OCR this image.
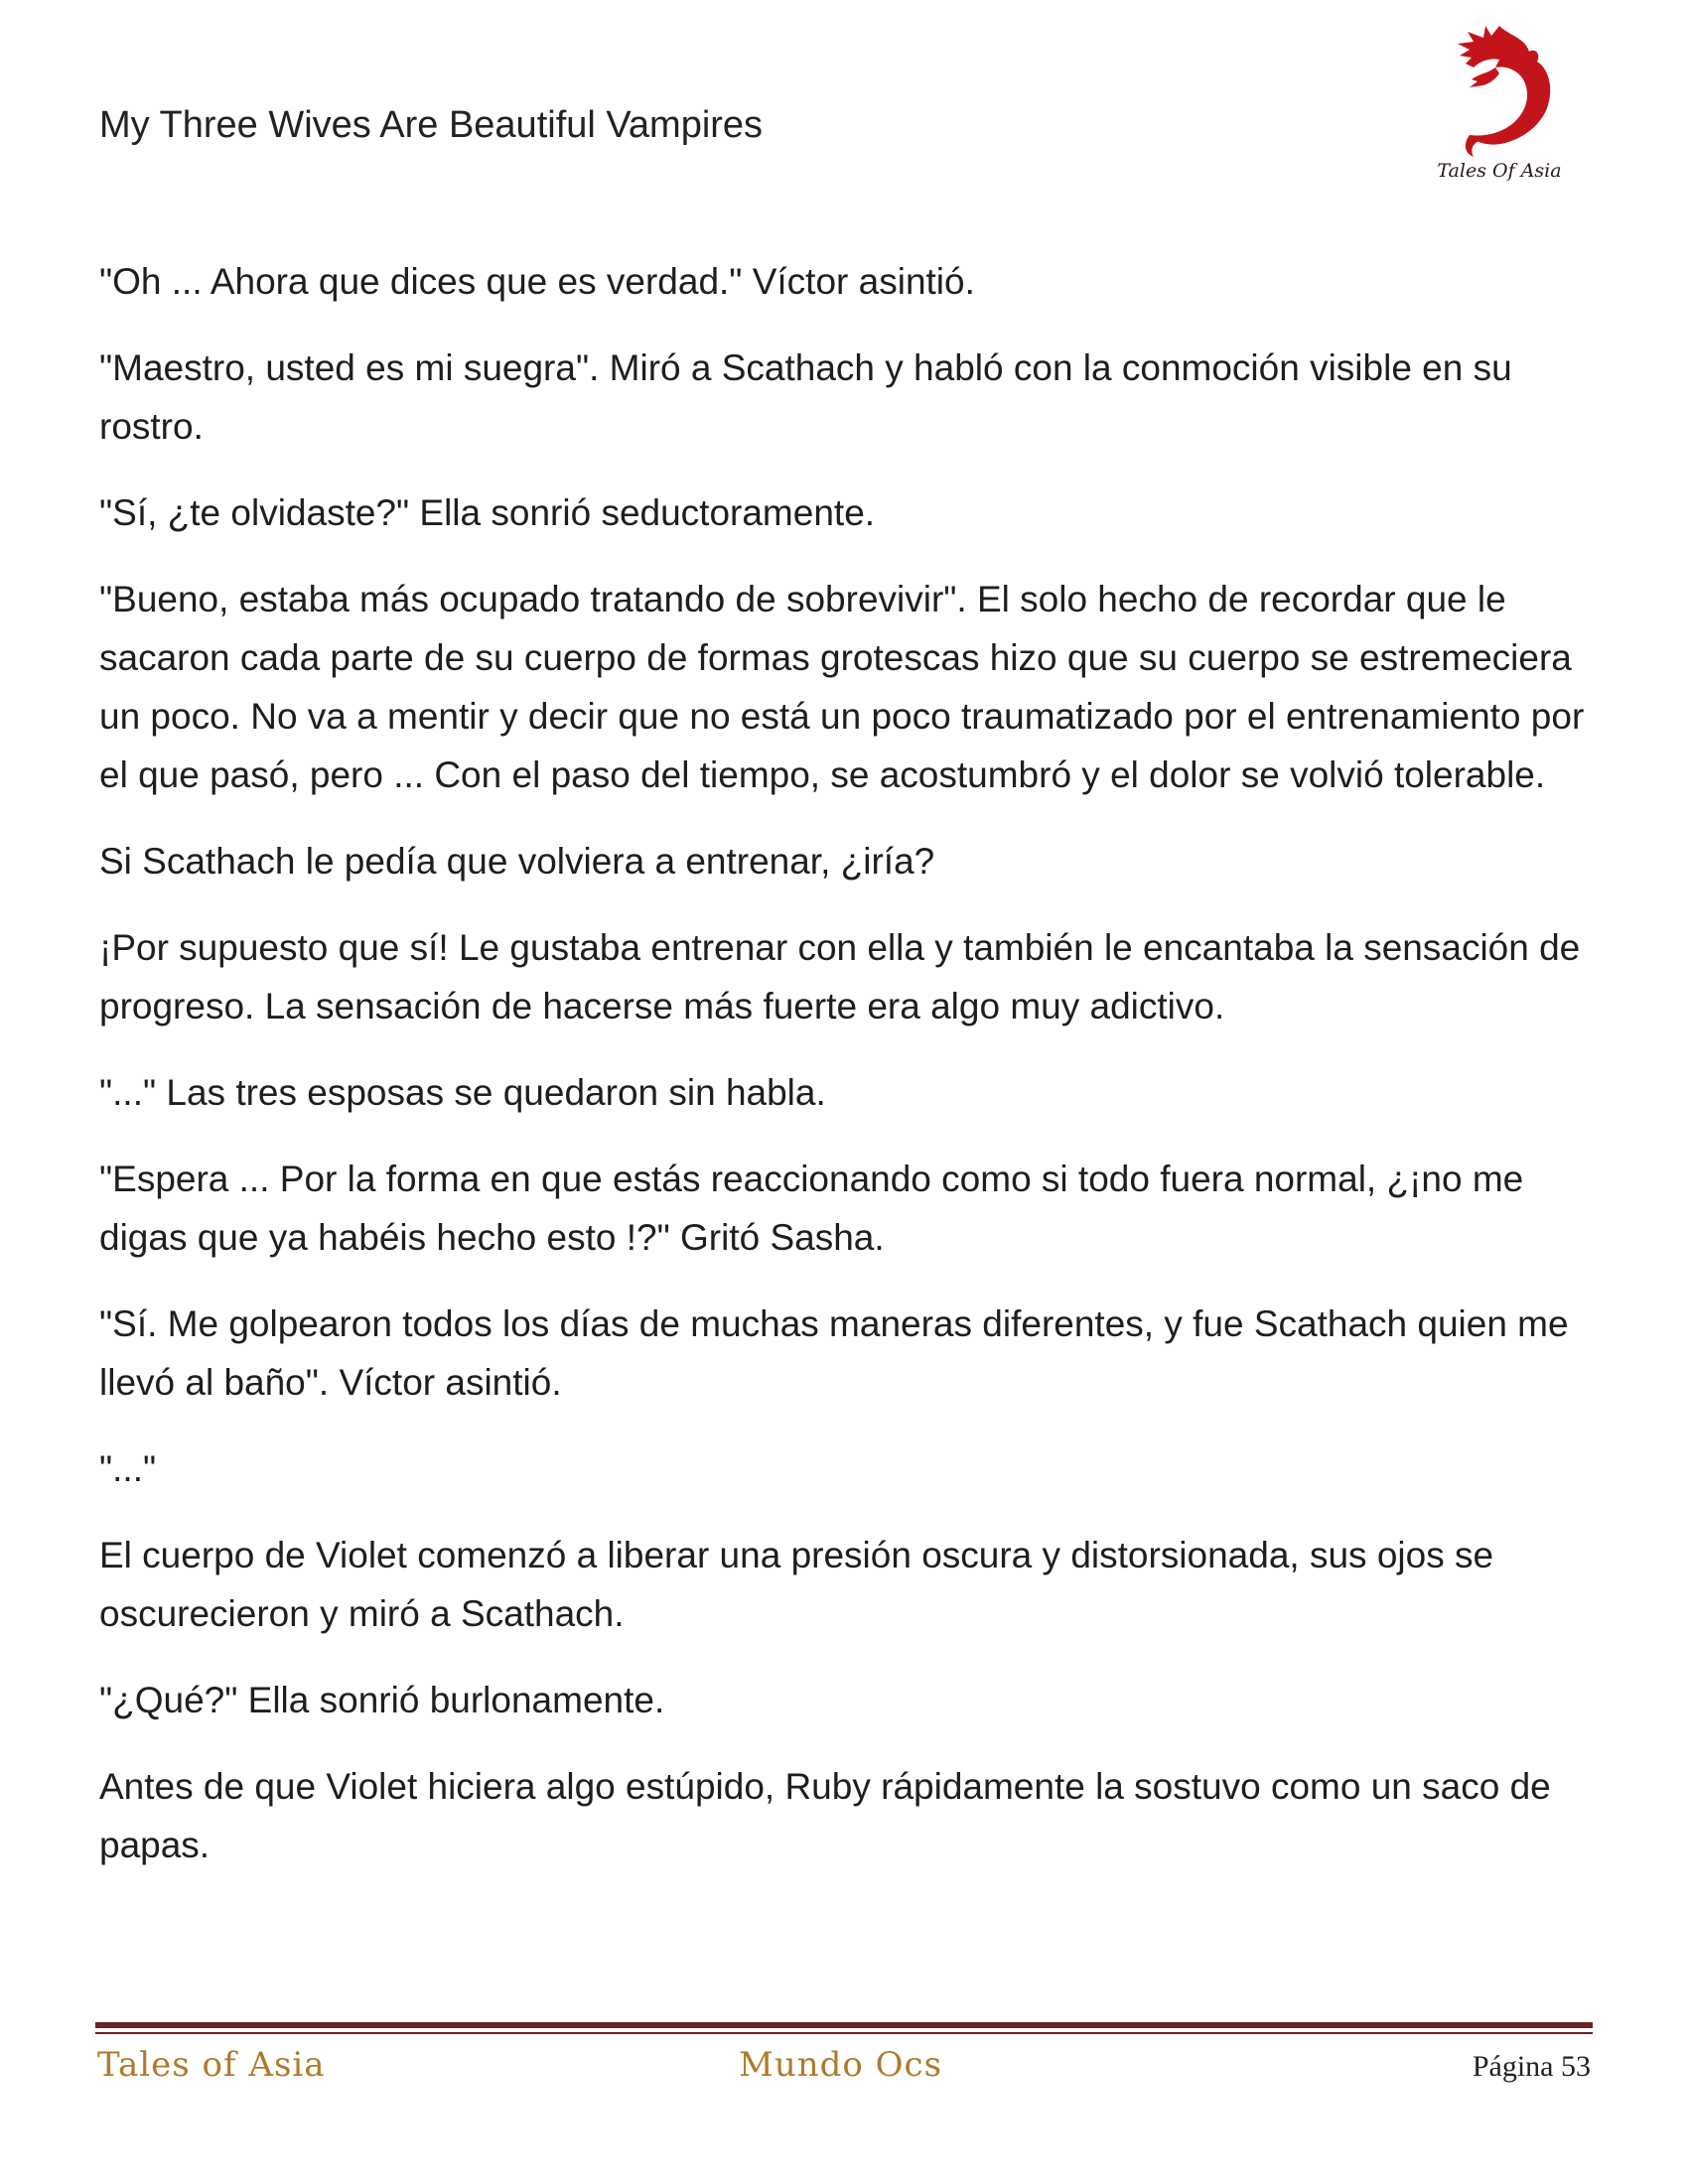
My Three Wives Are Beautiful Vampires
Tales Of Asia

"Oh ... Ahora que dices que es verdad." Víctor asintió.

"Maestro, usted es mi suegra". Miró a Scathach y habló con la conmoción visible en su rostro.

"Sí, ¿te olvidaste?" Ella sonrió seductoramente.

"Bueno, estaba más ocupado tratando de sobrevivir". El solo hecho de recordar que le sacaron cada parte de su cuerpo de formas grotescas hizo que su cuerpo se estremeciera un poco. No va a mentir y decir que no está un poco traumatizado por el entrenamiento por el que pasó, pero ... Con el paso del tiempo, se acostumbró y el dolor se volvió tolerable.

Si Scathach le pedía que volviera a entrenar, ¿iría?

¡Por supuesto que sí! Le gustaba entrenar con ella y también le encantaba la sensación de progreso. La sensación de hacerse más fuerte era algo muy adictivo.

"..." Las tres esposas se quedaron sin habla.

"Espera ... Por la forma en que estás reaccionando como si todo fuera normal, ¿¡no me digas que ya habéis hecho esto !?" Gritó Sasha.

"Sí. Me golpearon todos los días de muchas maneras diferentes, y fue Scathach quien me llevó al baño". Víctor asintió.

"..."

El cuerpo de Violet comenzó a liberar una presión oscura y distorsionada, sus ojos se oscurecieron y miró a Scathach.

"¿Qué?" Ella sonrió burlonamente.

Antes de que Violet hiciera algo estúpido, Ruby rápidamente la sostuvo como un saco de papas.

Tales of Asia	Mundo Ocs	Página 53
